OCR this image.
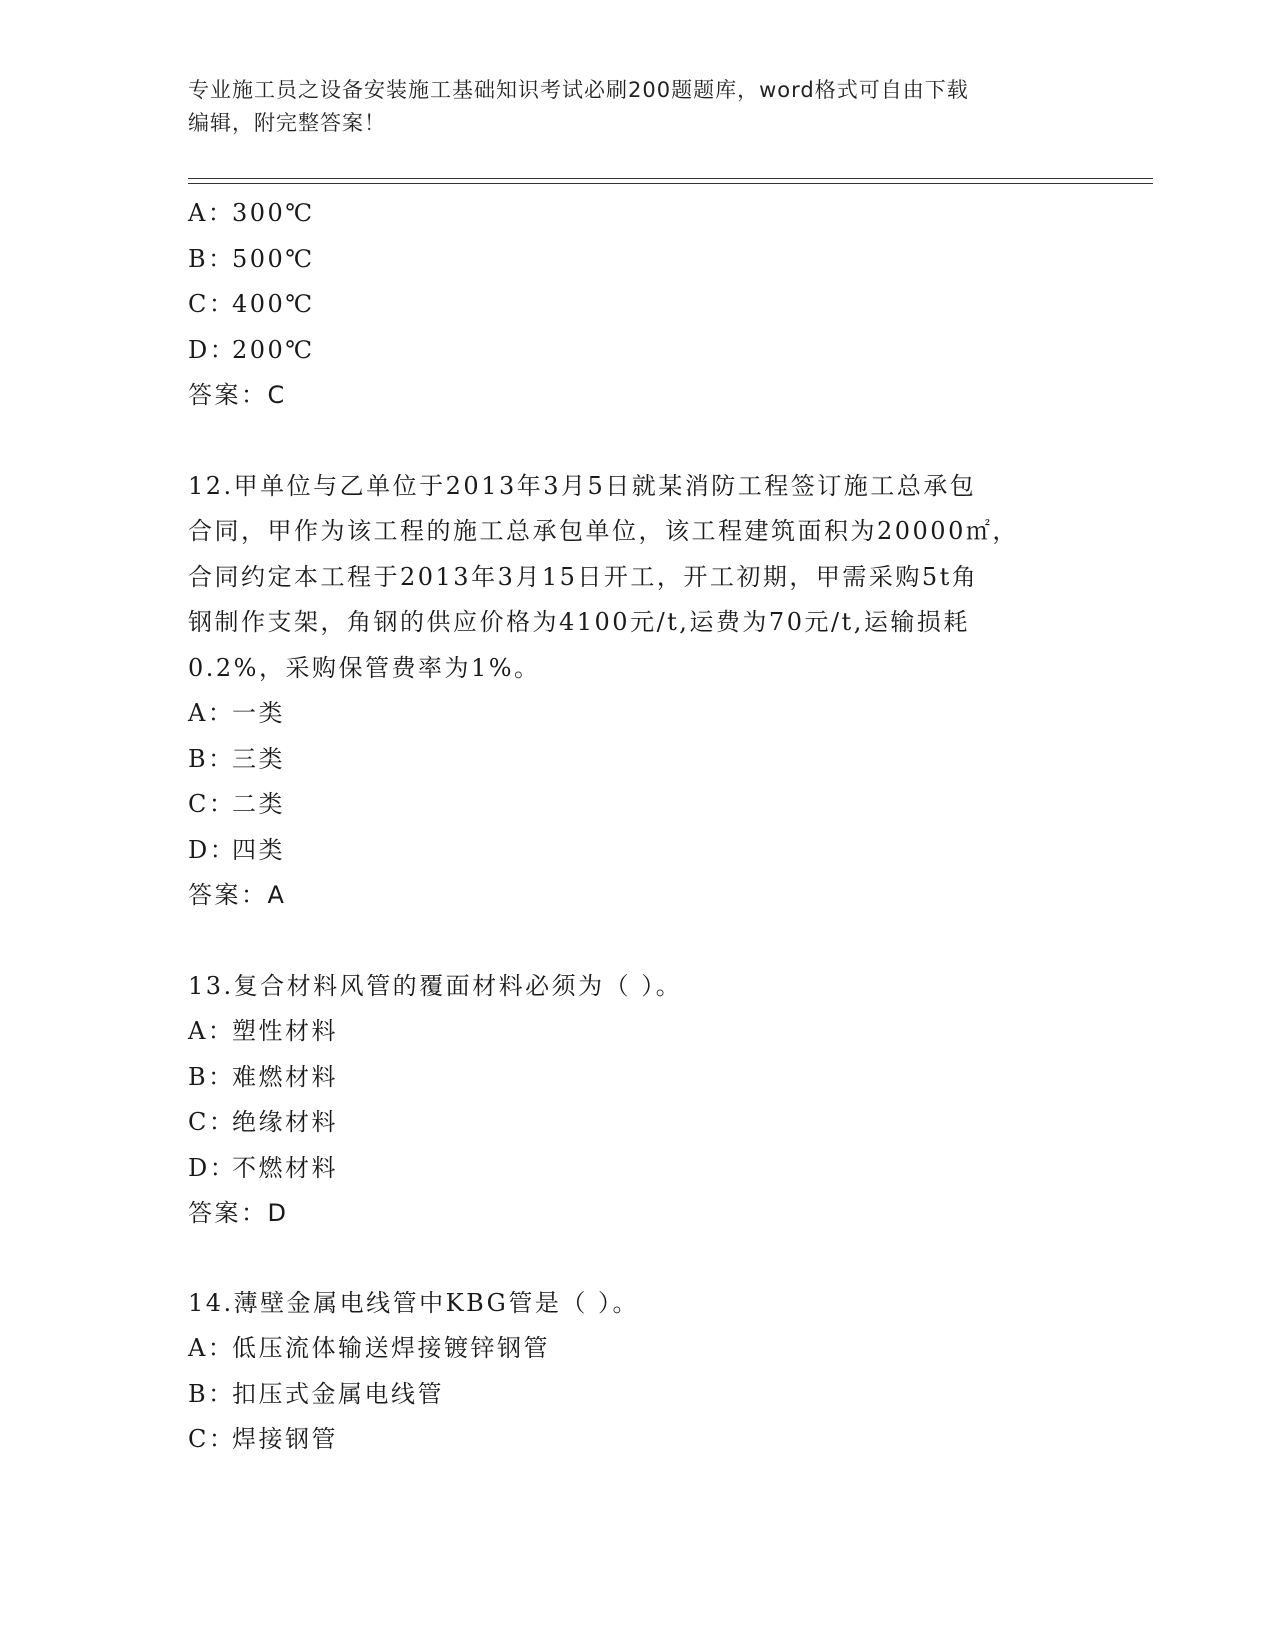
专业施工员之设备安装施工基础知识考试必刷200题题库，word格式可自由下载
编辑，附完整答案！
A：300℃
B：500℃
C：400℃
D：200℃
答案：C
12.甲单位与乙单位于2013年3月5日就某消防工程签订施工总承包
合同，甲作为该工程的施工总承包单位，该工程建筑面积为20000㎡，
合同约定本工程于2013年3月15日开工，开工初期，甲需采购5t角
钢制作支架，角钢的供应价格为4100元/t,运费为70元/t,运输损耗
0.2%，采购保管费率为1%。
A：一类
B：三类
C：二类
D：四类
答案：A
13.复合材料风管的覆面材料必须为（ ）。
A：塑性材料
B：难燃材料
C：绝缘材料
D：不燃材料
答案：D
14.薄壁金属电线管中KBG管是（ ）。
A：低压流体输送焊接镀锌钢管
B：扣压式金属电线管
C：焊接钢管
